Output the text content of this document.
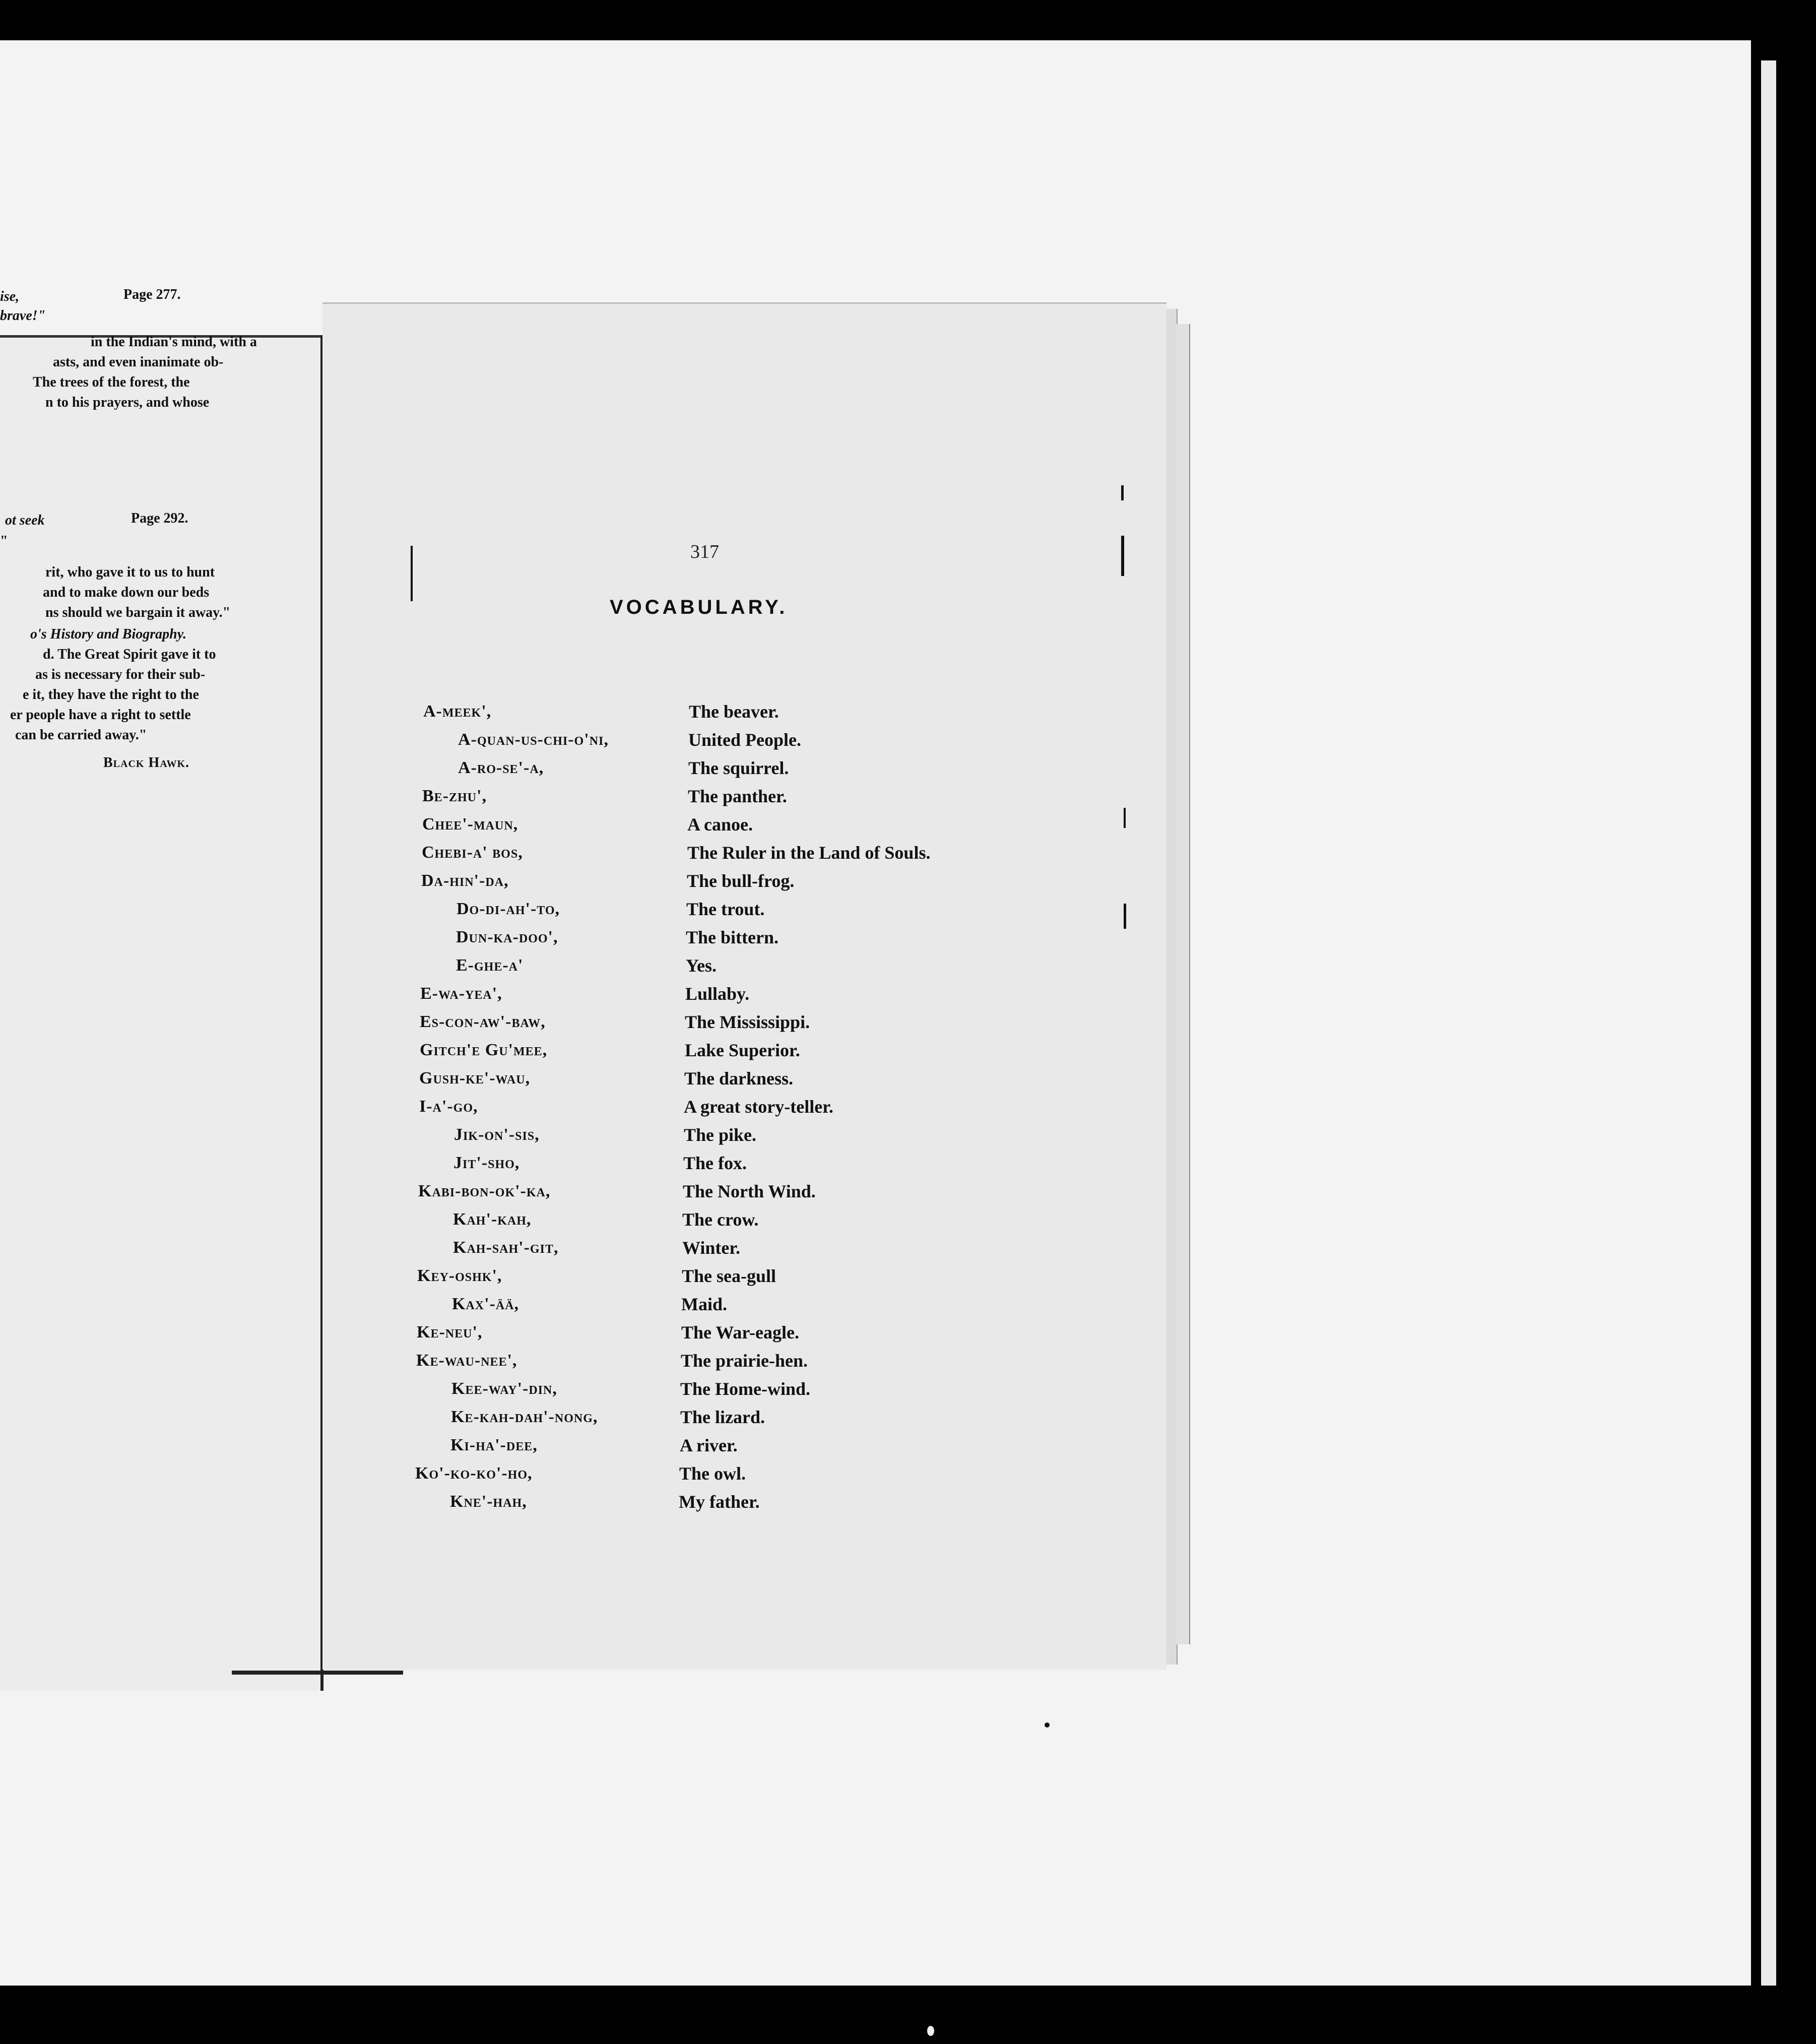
ise,	Page 277.
brave!"
in the Indian's mind, with a
asts, and even inanimate ob-
The trees of the forest, the
n to his prayers, and whose
ot seek	Page 292.
"
rit, who gave it to us to hunt
and to make down our beds
ns should we bargain it away."
o's History and Biography.
d. The Great Spirit gave it to
as is necessary for their sub-
e it, they have the right to the
er people have a right to settle
can be carried away."
Black Hawk.
317
VOCABULARY.
A-meek',	The beaver.
A-quan-us-chi-o'ni,	United People.
A-ro-se'-a,	The squirrel.
Be-zhu',	The panther.
Chee'-maun,	A canoe.
Chebi-a' bos,	The Ruler in the Land of Souls.
Da-hin'-da,	The bull-frog.
Do-di-ah'-to,	The trout.
Dun-ka-doo',	The bittern.
E-ghe-a'	Yes.
E-wa-yea',	Lullaby.
Es-con-aw'-baw,	The Mississippi.
Gitch'e Gu'mee,	Lake Superior.
Gush-ke'-wau,	The darkness.
I-a'-go,	A great story-teller.
Jik-on'-sis,	The pike.
Jit'-sho,	The fox.
Kabi-bon-ok'-ka,	The North Wind.
Kah'-kah,	The crow.
Kah-sah'-git,	Winter.
Key-oshk',	The sea-gull
Kax'-ää,	Maid.
Ke-neu',	The War-eagle.
Ke-wau-nee',	The prairie-hen.
Kee-way'-din,	The Home-wind.
Ke-kah-dah'-nong,	The lizard.
Ki-ha'-dee,	A river.
Ko'-ko-ko'-ho,	The owl.
Kne'-hah,	My father.
